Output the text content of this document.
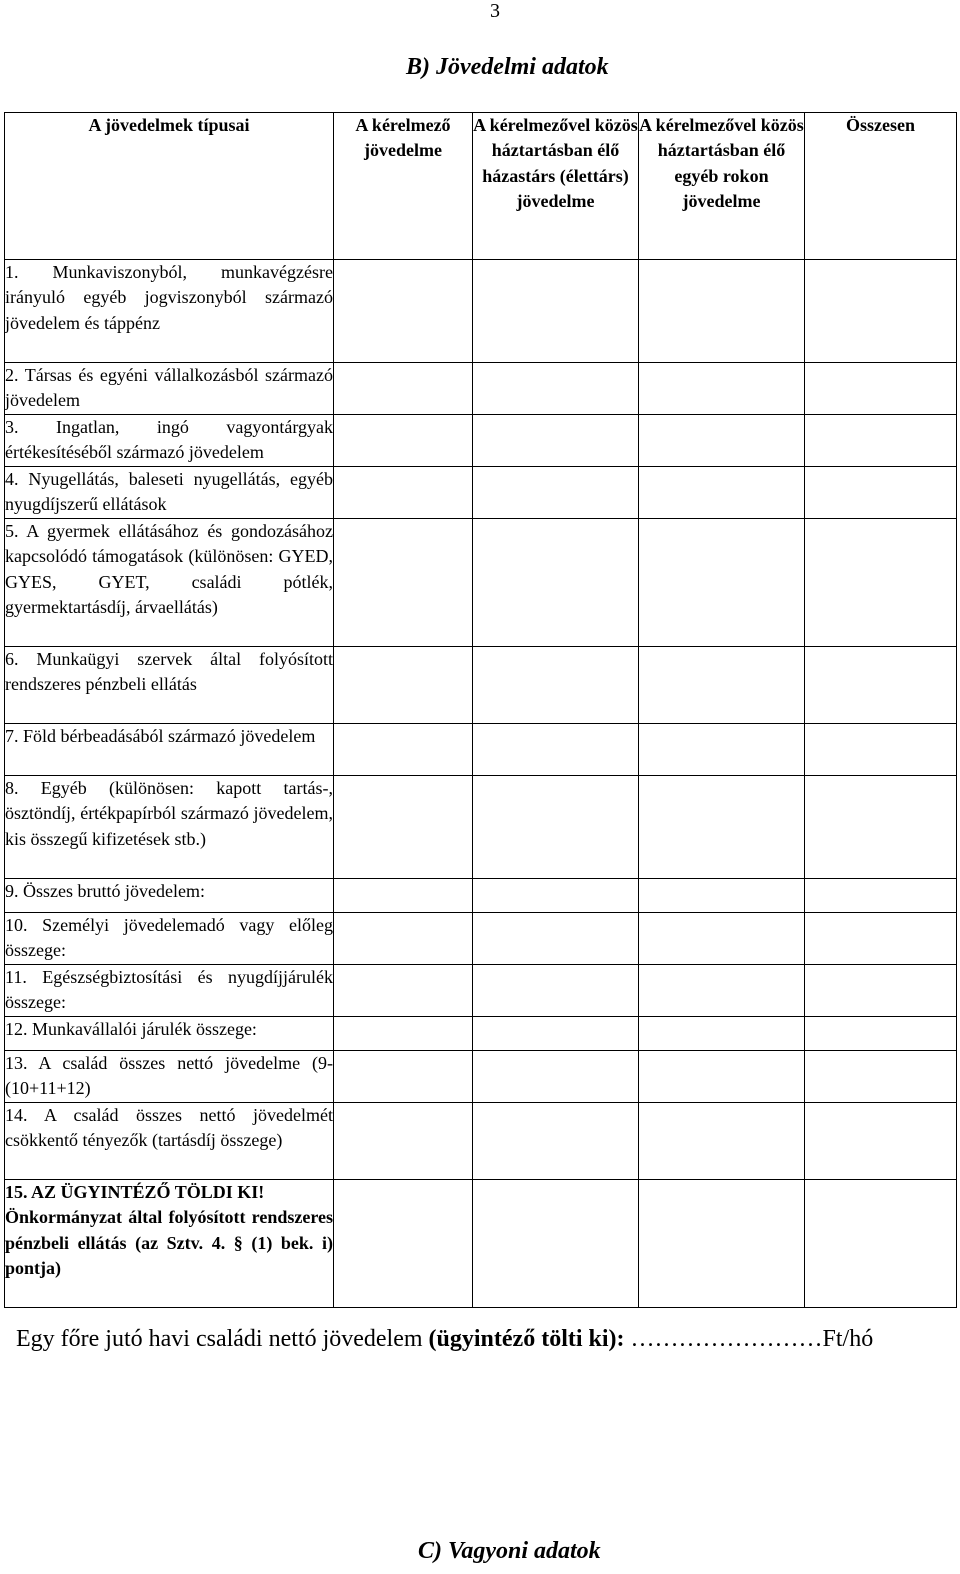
3
B) Jövedelmi adatok
A jövedelmek típusai	A kérelmező jövedelme	A kérelmezővel közös háztartásban élő házastárs (élettárs) jövedelme	A kérelmezővel közös háztartásban élő egyéb rokon jövedelme	Összesen
1. Munkaviszonyból, munkavégzésre irányuló egyéb jogviszonyból származó jövedelem és táppénz				
2. Társas és egyéni vállalkozásból származó jövedelem				
3. Ingatlan, ingó vagyontárgyak értékesítéséből származó jövedelem				
4. Nyugellátás, baleseti nyugellátás, egyéb nyugdíjszerű ellátások				
5. A gyermek ellátásához és gondozásához kapcsolódó támogatások (különösen: GYED, GYES, GYET, családi pótlék, gyermektartásdíj, árvaellátás)				
6. Munkaügyi szervek által folyósított rendszeres pénzbeli ellátás				
7. Föld bérbeadásából származó jövedelem				
8. Egyéb (különösen: kapott tartás-, ösztöndíj, értékpapírból származó jövedelem, kis összegű kifizetések stb.)				
9. Összes bruttó jövedelem:				
10. Személyi jövedelemadó vagy előleg összege:				
11. Egészségbiztosítási és nyugdíjjárulék összege:				
12. Munkavállalói járulék összege:				
13. A család összes nettó jövedelme (9-(10+11+12)				
14. A család összes nettó jövedelmét csökkentő tényezők (tartásdíj összege)				

15. AZ ÜGYINTÉZŐ TÖLDI KI!
Önkormányzat által folyósított rendszeres pénzbeli ellátás (az Sztv. 4. § (1) bek. i) pontja)				

Egy főre jutó havi családi nettó jövedelem (ügyintéző tölti ki): ……………………Ft/hó
C) Vagyoni adatok
